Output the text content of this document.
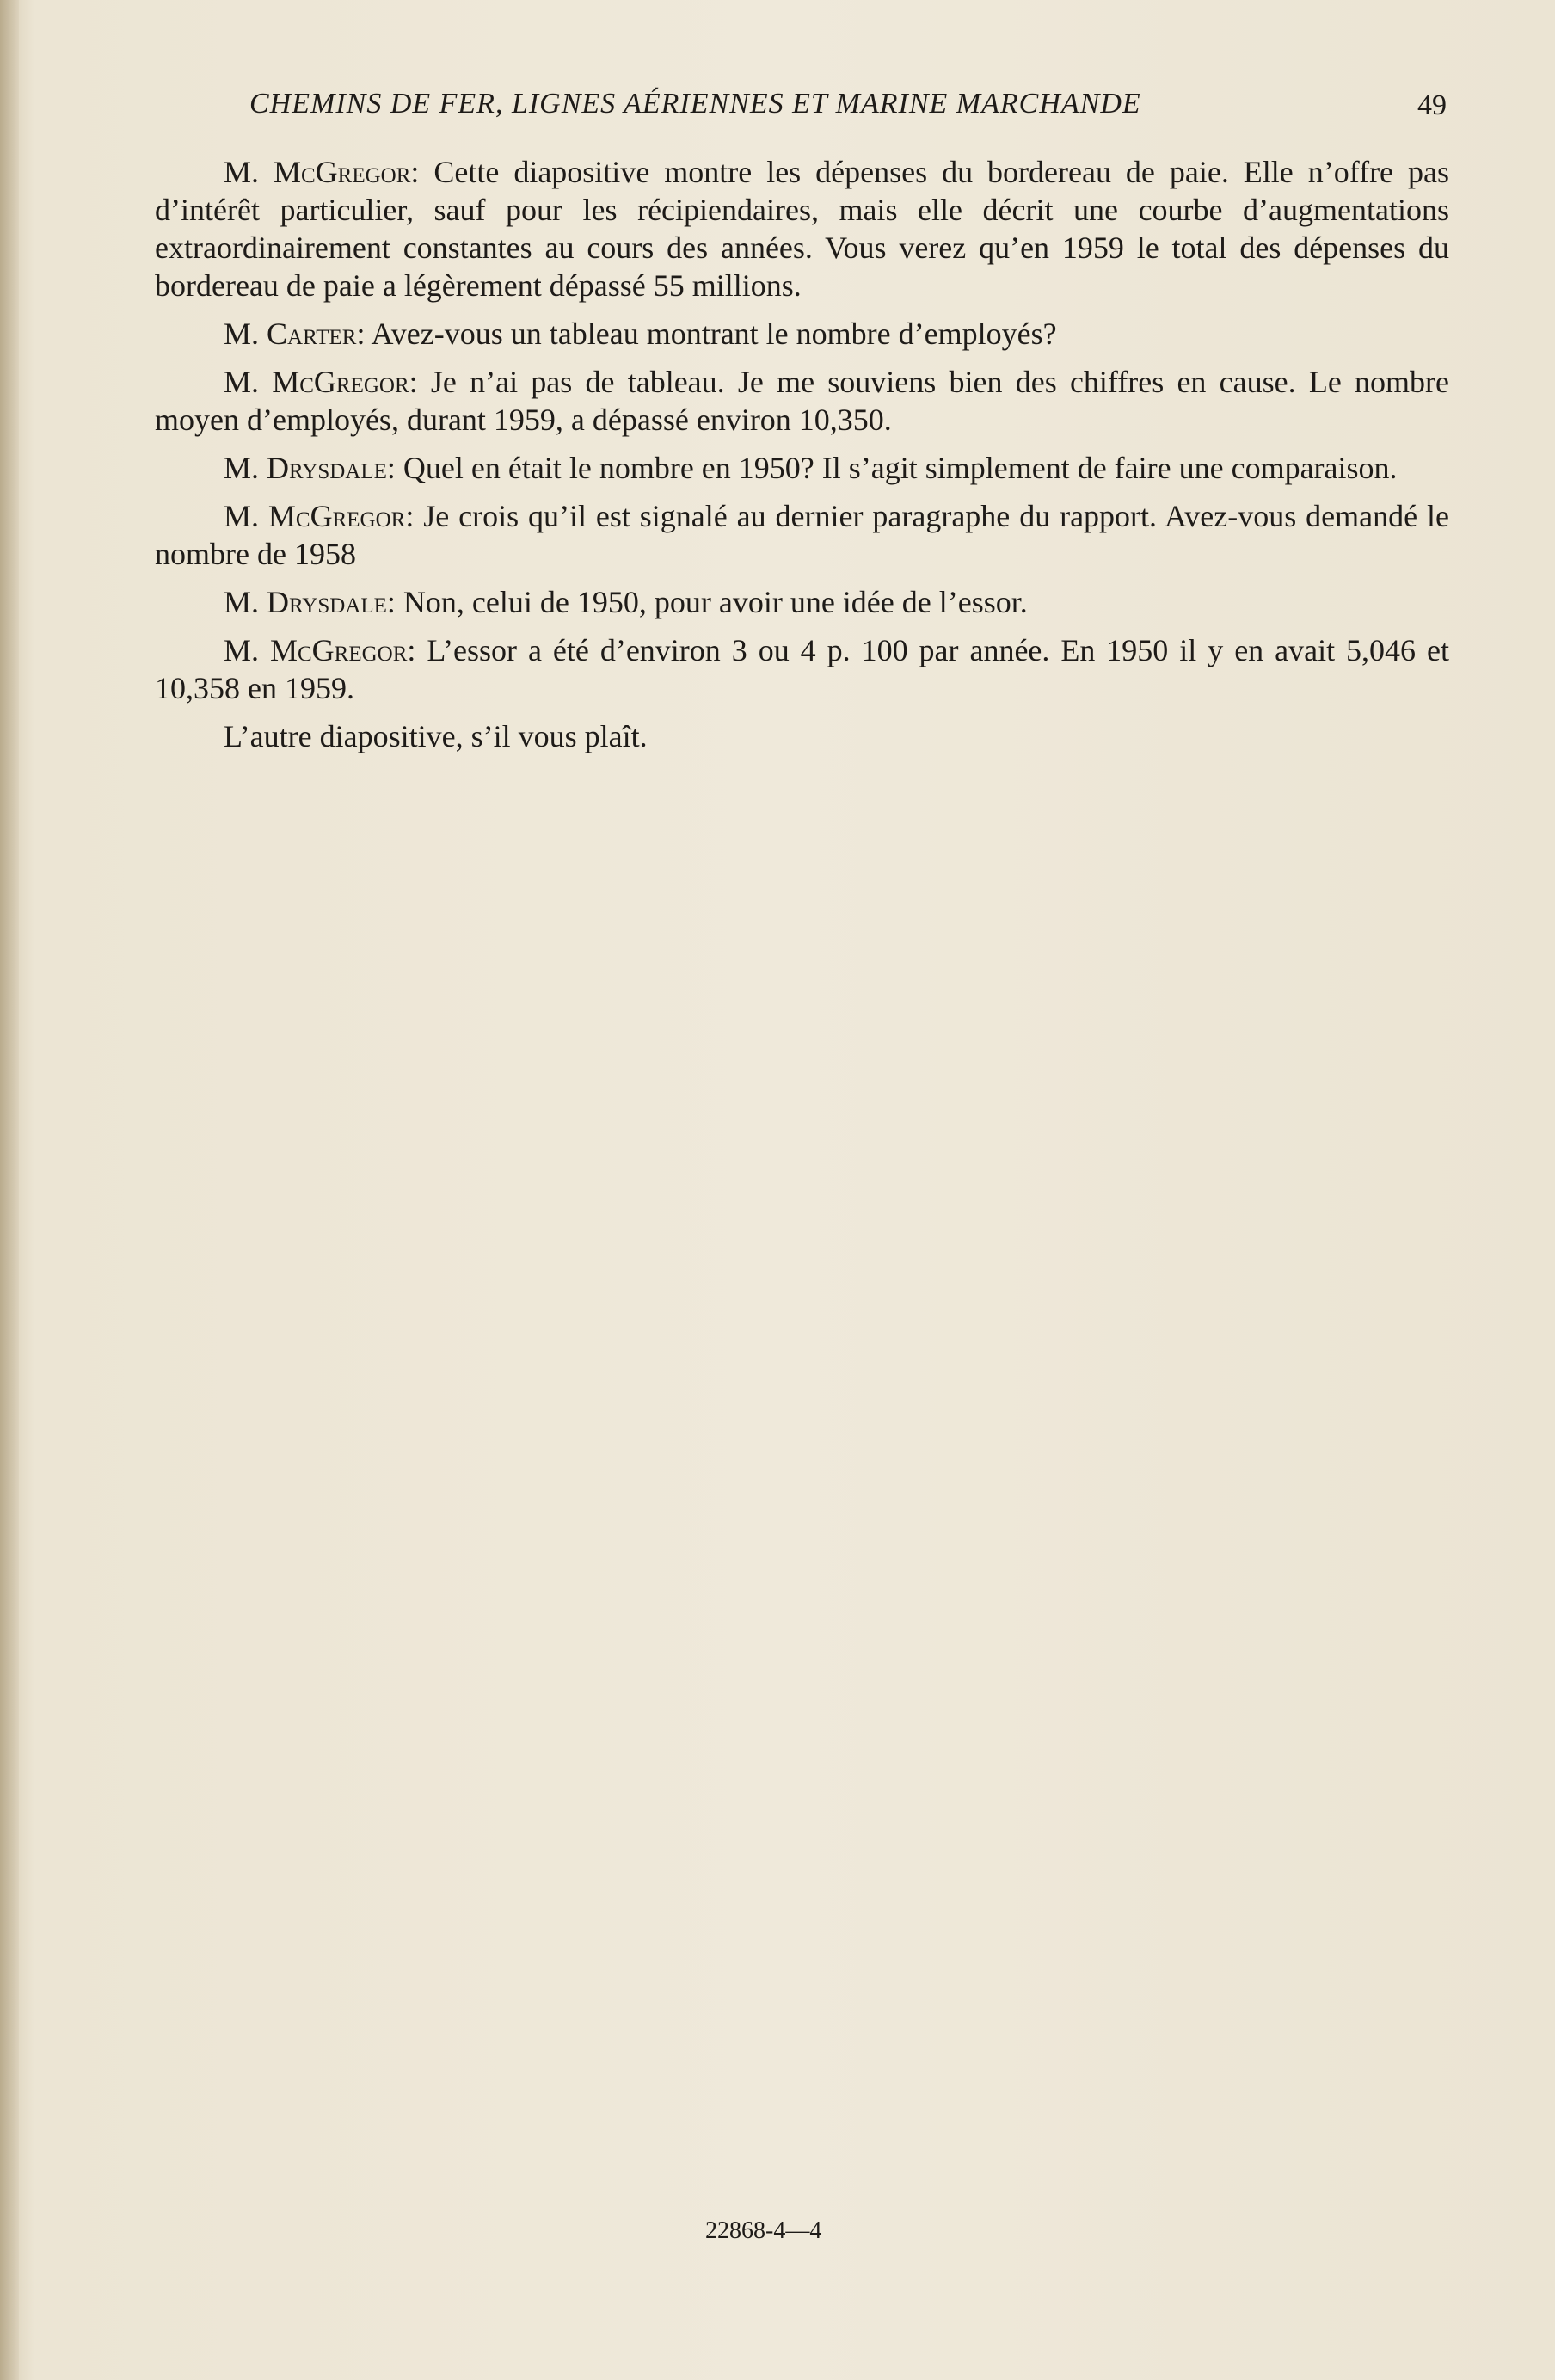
CHEMINS DE FER, LIGNES AÉRIENNES ET MARINE MARCHANDE	49

M. McGregor: Cette diapositive montre les dépenses du bordereau de paie. Elle n’offre pas d’intérêt particulier, sauf pour les récipiendaires, mais elle décrit une courbe d’augmentations extraordinairement constantes au cours des années. Vous verez qu’en 1959 le total des dépenses du bordereau de paie a légèrement dépassé 55 millions.

M. Carter: Avez-vous un tableau montrant le nombre d’employés?

M. McGregor: Je n’ai pas de tableau. Je me souviens bien des chiffres en cause. Le nombre moyen d’employés, durant 1959, a dépassé environ 10,350.

M. Drysdale: Quel en était le nombre en 1950? Il s’agit simplement de faire une comparaison.

M. McGregor: Je crois qu’il est signalé au dernier paragraphe du rapport. Avez-vous demandé le nombre de 1958

M. Drysdale: Non, celui de 1950, pour avoir une idée de l’essor.

M. McGregor: L’essor a été d’environ 3 ou 4 p. 100 par année. En 1950 il y en avait 5,046 et 10,358 en 1959.

L’autre diapositive, s’il vous plaît.

22868-4—4
